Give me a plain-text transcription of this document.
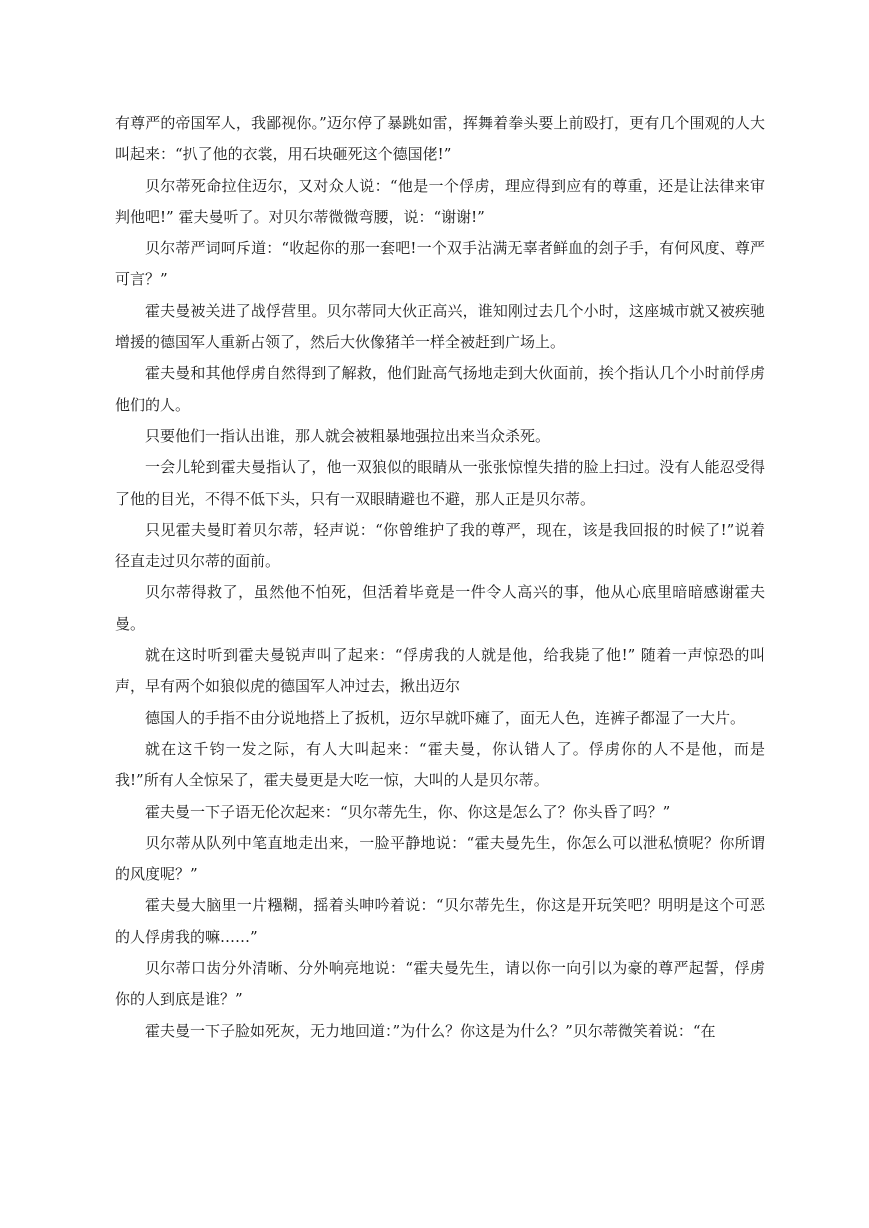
有尊严的帝国军人，我鄙视你。”迈尔停了暴跳如雷，挥舞着拳头要上前殴打，更有几个围观的人大叫起来：“扒了他的衣裳，用石块砸死这个德国佬!”

贝尔蒂死命拉住迈尔，又对众人说：“他是一个俘虏，理应得到应有的尊重，还是让法律来审判他吧!” 霍夫曼听了。对贝尔蒂微微弯腰，说：“谢谢!”

贝尔蒂严词呵斥道：“收起你的那一套吧!一个双手沾满无辜者鲜血的刽子手，有何风度、尊严可言？”

霍夫曼被关进了战俘营里。贝尔蒂同大伙正高兴，谁知刚过去几个小时，这座城市就又被疾驰增援的德国军人重新占领了，然后大伙像猪羊一样全被赶到广场上。

霍夫曼和其他俘虏自然得到了解救，他们趾高气扬地走到大伙面前，挨个指认几个小时前俘虏他们的人。

只要他们一指认出谁，那人就会被粗暴地强拉出来当众杀死。

一会儿轮到霍夫曼指认了，他一双狼似的眼睛从一张张惊惶失措的脸上扫过。没有人能忍受得了他的目光，不得不低下头，只有一双眼睛避也不避，那人正是贝尔蒂。

只见霍夫曼盯着贝尔蒂，轻声说：“你曾维护了我的尊严，现在，该是我回报的时候了!”说着径直走过贝尔蒂的面前。

贝尔蒂得救了，虽然他不怕死，但活着毕竟是一件令人高兴的事，他从心底里暗暗感谢霍夫曼。

就在这时听到霍夫曼锐声叫了起来：“俘虏我的人就是他，给我毙了他!” 随着一声惊恐的叫声，早有两个如狼似虎的德国军人冲过去，揪出迈尔

德国人的手指不由分说地搭上了扳机，迈尔早就吓瘫了，面无人色，连裤子都湿了一大片。

就在这千钧一发之际，有人大叫起来：“霍夫曼，你认错人了。俘虏你的人不是他，而是我!”所有人全惊呆了，霍夫曼更是大吃一惊，大叫的人是贝尔蒂。

霍夫曼一下子语无伦次起来：“贝尔蒂先生，你、你这是怎么了？你头昏了吗？”

贝尔蒂从队列中笔直地走出来，一脸平静地说：“霍夫曼先生，你怎么可以泄私愤呢？你所谓的风度呢？”

霍夫曼大脑里一片糨糊，摇着头呻吟着说：“贝尔蒂先生，你这是开玩笑吧？明明是这个可恶的人俘虏我的嘛……”

贝尔蒂口齿分外清晰、分外响亮地说：“霍夫曼先生，请以你一向引以为豪的尊严起誓，俘虏你的人到底是谁？”

霍夫曼一下子脸如死灰，无力地回道：”为什么？你这是为什么？”贝尔蒂微笑着说：“在
